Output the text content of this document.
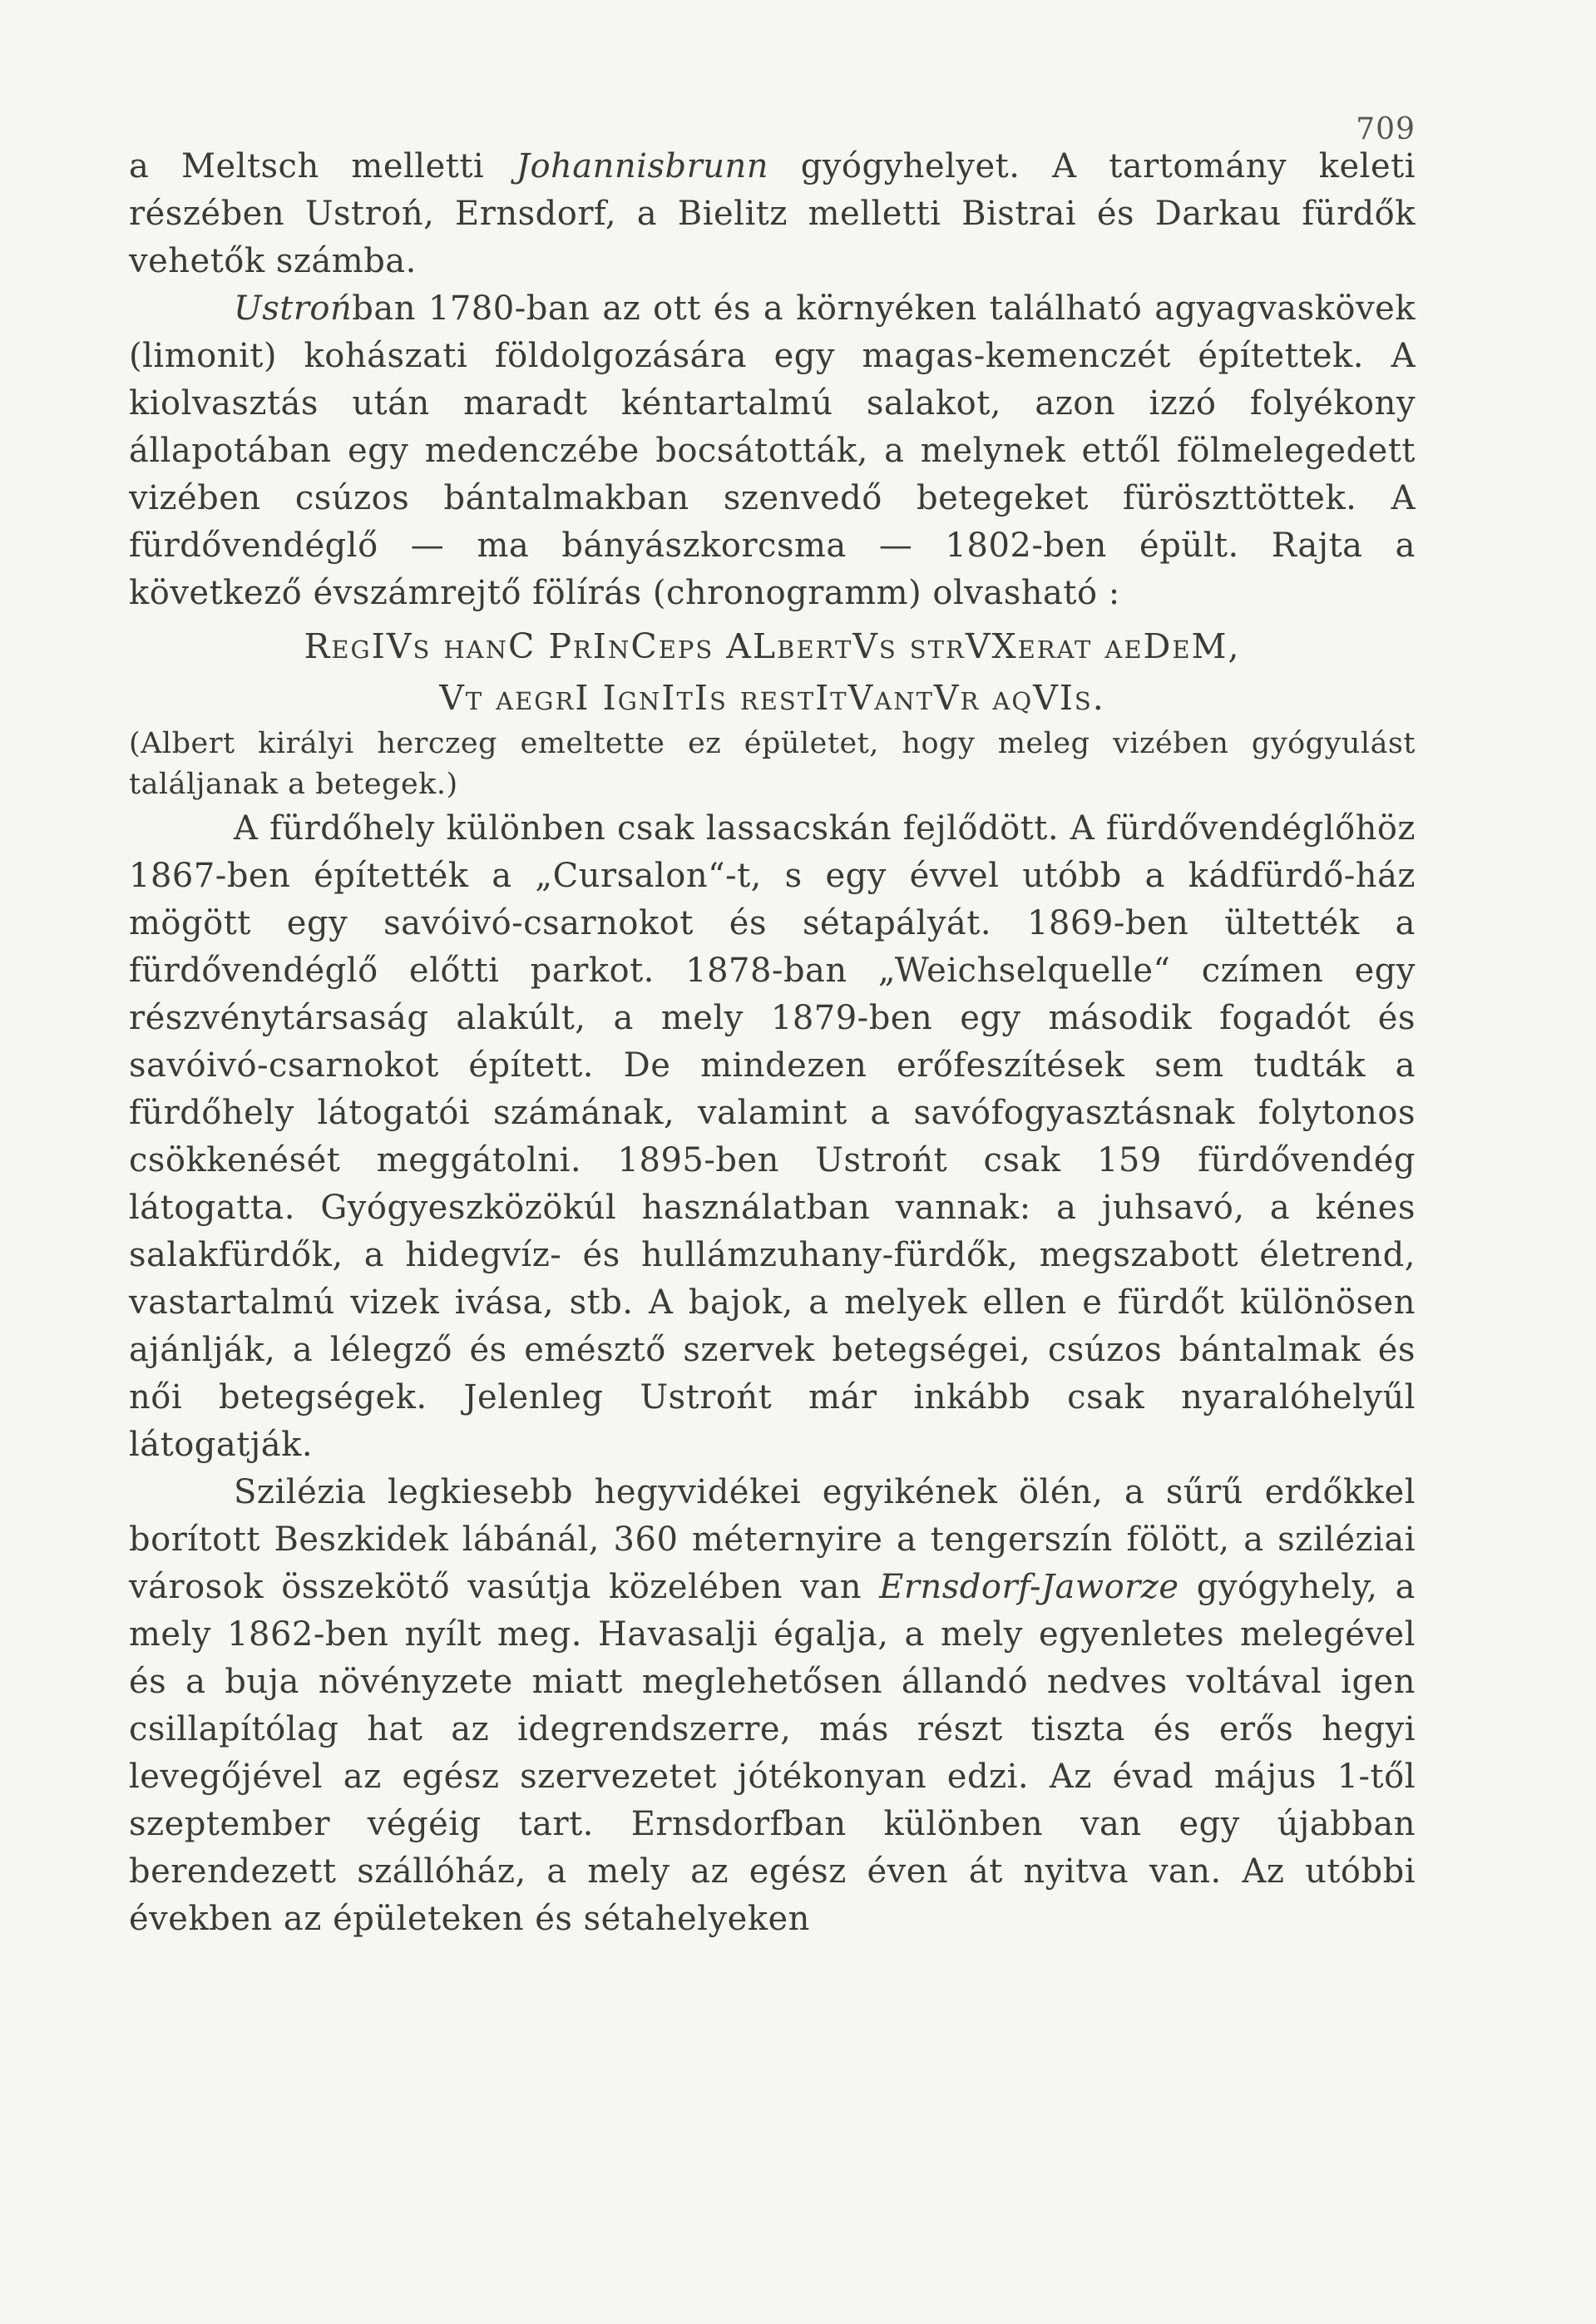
709

a Meltsch melletti Johannisbrunn gyógyhelyet. A tartomány keleti részében Ustroń, Ernsdorf, a Bielitz melletti Bistrai és Darkau fürdők vehetők számba.

Ustrońban 1780-ban az ott és a környéken található agyagvaskövek (limonit) kohászati földolgozására egy magas-kemenczét építettek. A kiolvasztás után maradt kéntartalmú salakot, azon izzó folyékony állapotában egy medenczébe bocsátották, a melynek ettől fölmelegedett vizében csúzos bántalmakban szenvedő betegeket füröszttöttek. A fürdővendéglő — ma bányászkorcsma — 1802-ben épült. Rajta a következő évszámrejtő fölírás (chronogramm) olvasható :

RegIVs hanC PrInCeps ALbertVs strVXerat aeDeM,
Vt aegrI IgnItIs restItVantVr aqVIs.

(Albert királyi herczeg emeltette ez épületet, hogy meleg vizében gyógyulást találjanak a betegek.)

A fürdőhely különben csak lassacskán fejlődött. A fürdővendéglőhöz 1867-ben építették a „Cursalon“-t, s egy évvel utóbb a kádfürdő-ház mögött egy savóivó-csarnokot és sétapályát. 1869-ben ültették a fürdővendéglő előtti parkot. 1878-ban „Weichselquelle“ czímen egy részvénytársaság alakúlt, a mely 1879-ben egy második fogadót és savóivó-csarnokot épített. De mindezen erőfeszítések sem tudták a fürdőhely látogatói számának, valamint a savófogyasztásnak folytonos csökkenését meggátolni. 1895-ben Ustrońt csak 159 fürdővendég látogatta. Gyógyeszközökúl használatban vannak: a juhsavó, a kénes salakfürdők, a hidegvíz- és hullámzuhany-fürdők, megszabott életrend, vastartalmú vizek ivása, stb. A bajok, a melyek ellen e fürdőt különösen ajánlják, a lélegző és emésztő szervek betegségei, csúzos bántalmak és női betegségek. Jelenleg Ustrońt már inkább csak nyaralóhelyűl látogatják.

Szilézia legkiesebb hegyvidékei egyikének ölén, a sűrű erdőkkel borított Beszkidek lábánál, 360 méternyire a tengerszín fölött, a sziléziai városok összekötő vasútja közelében van Ernsdorf-Jaworze gyógyhely, a mely 1862-ben nyílt meg. Havasalji égalja, a mely egyenletes melegével és a buja növényzete miatt meglehetősen állandó nedves voltával igen csillapítólag hat az idegrendszerre, más részt tiszta és erős hegyi levegőjével az egész szervezetet jótékonyan edzi. Az évad május 1-től szeptember végéig tart. Ernsdorfban különben van egy újabban berendezett szállóház, a mely az egész éven át nyitva van. Az utóbbi években az épületeken és sétahelyeken
